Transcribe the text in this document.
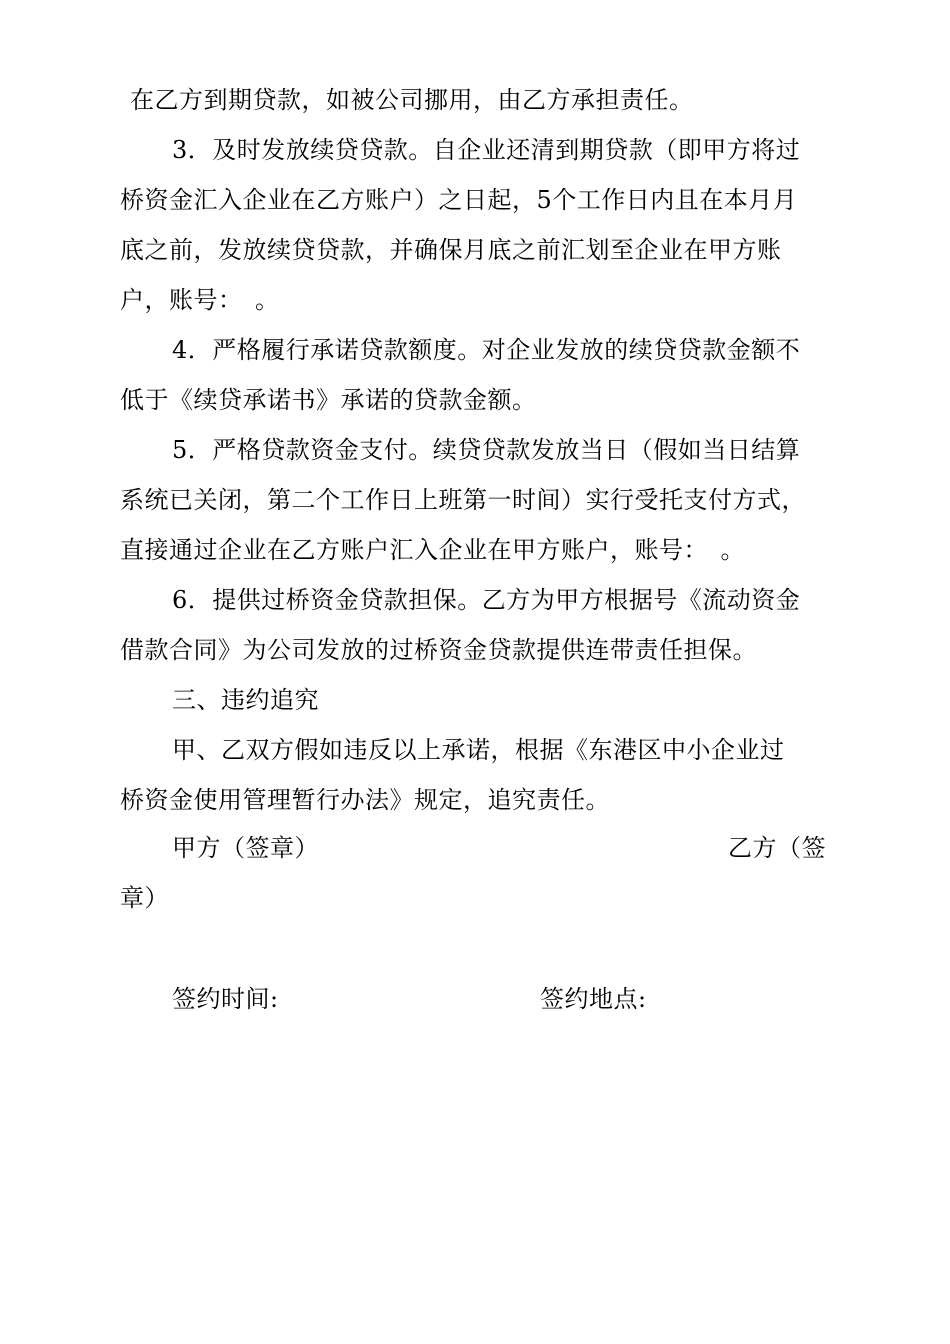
在乙方到期贷款，如被公司挪用，由乙方承担责任。
3．及时发放续贷贷款。自企业还清到期贷款（即甲方将过
桥资金汇入企业在乙方账户）之日起，5个工作日内且在本月月
底之前，发放续贷贷款，并确保月底之前汇划至企业在甲方账
户，账号：　。
4．严格履行承诺贷款额度。对企业发放的续贷贷款金额不
低于《续贷承诺书》承诺的贷款金额。
5．严格贷款资金支付。续贷贷款发放当日（假如当日结算
系统已关闭，第二个工作日上班第一时间）实行受托支付方式，
直接通过企业在乙方账户汇入企业在甲方账户，账号：　。
6．提供过桥资金贷款担保。乙方为甲方根据号《流动资金
借款合同》为公司发放的过桥资金贷款提供连带责任担保。
三、违约追究
甲、乙双方假如违反以上承诺，根据《东港区中小企业过
桥资金使用管理暂行办法》规定，追究责任。
甲方（签章）	乙方（签
章）
签约时间:	签约地点:
